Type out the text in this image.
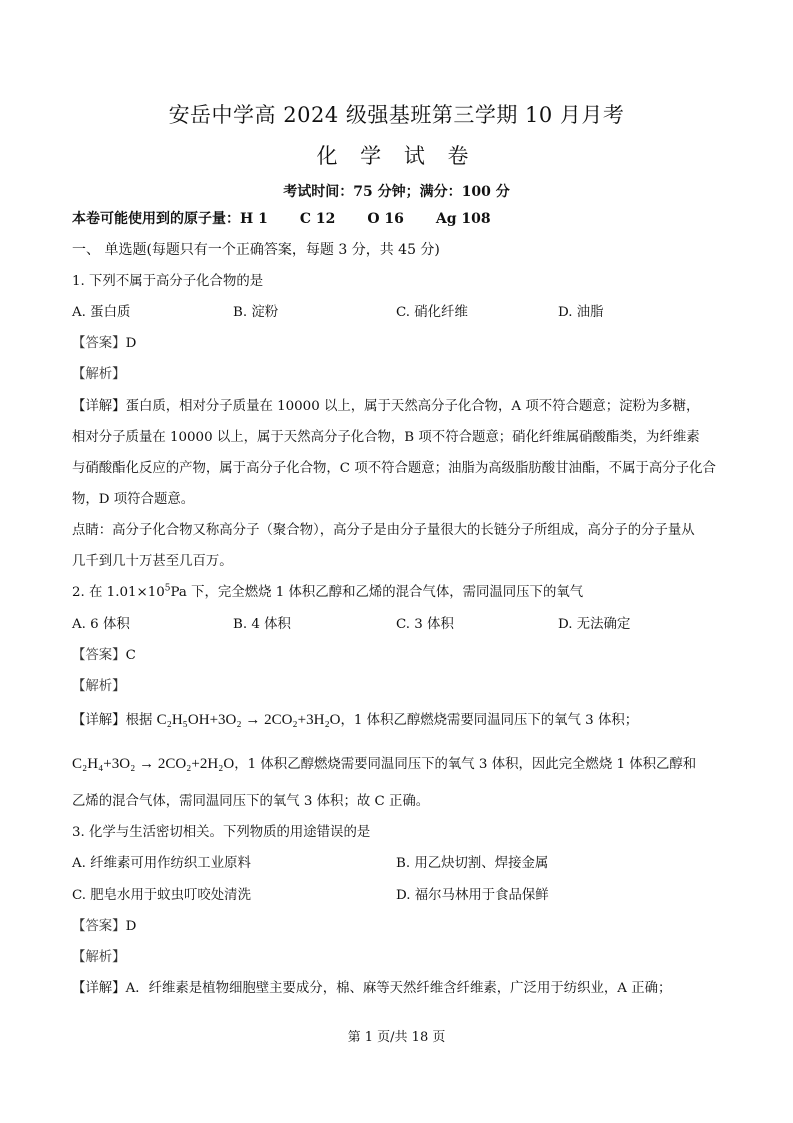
安岳中学高 2024 级强基班第三学期 10 月月考
化 学 试 卷
考试时间：75 分钟；满分：100 分
本卷可能使用到的原子量：H 1 C 12 O 16 Ag 108
一、 单选题(每题只有一个正确答案，每题 3 分，共 45 分)
1. 下列不属于高分子化合物的是
A. 蛋白质	B. 淀粉	C. 硝化纤维	D. 油脂
【答案】D
【解析】
【详解】蛋白质，相对分子质量在 10000 以上，属于天然高分子化合物，A 项不符合题意；淀粉为多糖，
相对分子质量在 10000 以上，属于天然高分子化合物，B 项不符合题意；硝化纤维属硝酸酯类，为纤维素
与硝酸酯化反应的产物，属于高分子化合物，C 项不符合题意；油脂为高级脂肪酸甘油酯，不属于高分子化合
物，D 项符合题意。
点睛：高分子化合物又称高分子（聚合物），高分子是由分子量很大的长链分子所组成，高分子的分子量从
几千到几十万甚至几百万。
2. 在 $1.01\times 10^5Pa$ 下，完全燃烧 1 体积乙醇和乙烯的混合气体，需同温同压下的氧气
A. 6 体积	B. 4 体积	C. 3 体积	D. 无法确定
【答案】C
【解析】
【详解】根据 C₂H₅OH+3O₂ → 2CO₂+3H₂O，1 体积乙醇燃烧需要同温同压下的氧气 3 体积；
C₂H₄+3O₂ → 2CO₂+2H₂O，1 体积乙醇燃烧需要同温同压下的氧气 3 体积，因此完全燃烧 1 体积乙醇和
乙烯的混合气体，需同温同压下的氧气 3 体积；故 C 正确。
3. 化学与生活密切相关。下列物质的用途错误的是
A. 纤维素可用作纺织工业原料	B. 用乙炔切割、焊接金属
C. 肥皂水用于蚊虫叮咬处清洗	D. 福尔马林用于食品保鲜
【答案】D
【解析】
【详解】A．纤维素是植物细胞壁主要成分，棉、麻等天然纤维含纤维素，广泛用于纺织业，A 正确；
第 1 页/共 18 页
